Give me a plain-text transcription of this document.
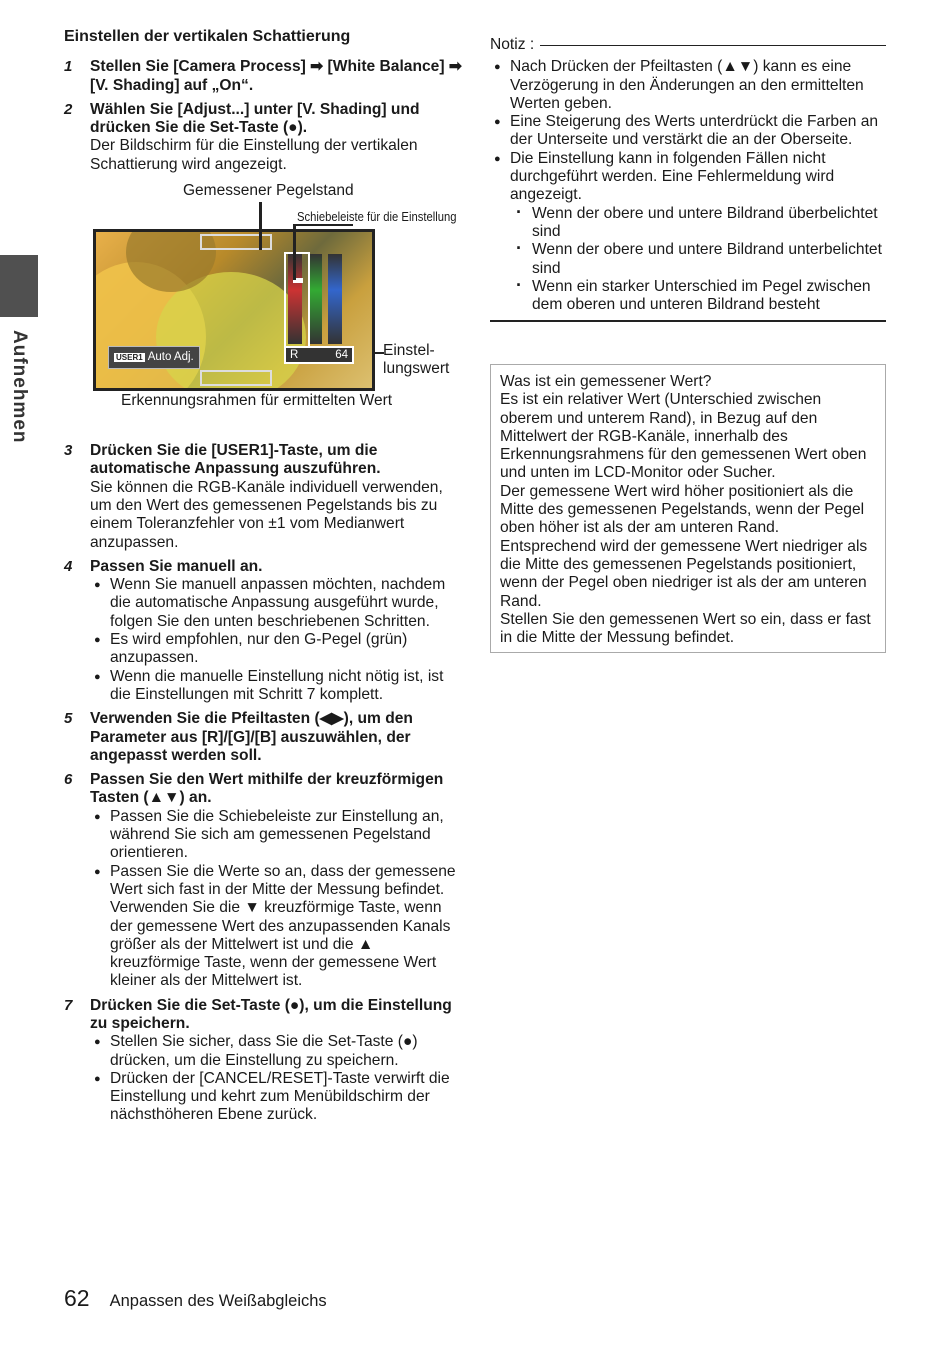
Aufnehmen
Einstellen der vertikalen Schattierung
1 Stellen Sie [Camera Process] ➡ [White Balance] ➡ [V. Shading] auf „On“.
2 Wählen Sie [Adjust...] unter [V. Shading] und drücken Sie die Set-Taste (●).
Der Bildschirm für die Einstellung der vertikalen Schattierung wird angezeigt.
Gemessener Pegelstand
Schiebeleiste für die Einstellung
USER1 Auto Adj.	R	64 Einstel-
lungswert
Erkennungsrahmen für ermittelten Wert
3 Drücken Sie die [USER1]-Taste, um die automatische Anpassung auszuführen.
Sie können die RGB-Kanäle individuell verwenden, um den Wert des gemessenen Pegelstands bis zu einem Toleranzfehler von ±1 vom Medianwert anzupassen.
4 Passen Sie manuell an.
● Wenn Sie manuell anpassen möchten, nachdem die automatische Anpassung ausgeführt wurde, folgen Sie den unten beschriebenen Schritten.
● Es wird empfohlen, nur den G-Pegel (grün) anzupassen.
● Wenn die manuelle Einstellung nicht nötig ist, ist die Einstellungen mit Schritt 7 komplett.
5 Verwenden Sie die Pfeiltasten (◀▶), um den Parameter aus [R]/[G]/[B] auszuwählen, der angepasst werden soll.
6 Passen Sie den Wert mithilfe der kreuzförmigen Tasten (▲▼) an.
● Passen Sie die Schiebeleiste zur Einstellung an, während Sie sich am gemessenen Pegelstand orientieren.
● Passen Sie die Werte so an, dass der gemessene Wert sich fast in der Mitte der Messung befindet. Verwenden Sie die ▼ kreuzförmige Taste, wenn der gemessene Wert des anzupassenden Kanals größer als der Mittelwert ist und die ▲ kreuzförmige Taste, wenn der gemessene Wert kleiner als der Mittelwert ist.
7 Drücken Sie die Set-Taste (●), um die Einstellung zu speichern.
● Stellen Sie sicher, dass Sie die Set-Taste (●) drücken, um die Einstellung zu speichern.
● Drücken der [CANCEL/RESET]-Taste verwirft die Einstellung und kehrt zum Menübildschirm der nächsthöheren Ebene zurück.
Notiz :
● Nach Drücken der Pfeiltasten (▲▼) kann es eine Verzögerung in den Änderungen an den ermittelten Werten geben.
● Eine Steigerung des Werts unterdrückt die Farben an der Unterseite und verstärkt die an der Oberseite.
● Die Einstellung kann in folgenden Fällen nicht durchgeführt werden. Eine Fehlermeldung wird angezeigt.
· Wenn der obere und untere Bildrand überbelichtet sind
· Wenn der obere und untere Bildrand unterbelichtet sind
· Wenn ein starker Unterschied im Pegel zwischen dem oberen und unteren Bildrand besteht
Was ist ein gemessener Wert?
Es ist ein relativer Wert (Unterschied zwischen oberem und unterem Rand), in Bezug auf den Mittelwert der RGB-Kanäle, innerhalb des Erkennungsrahmens für den gemessenen Wert oben und unten im LCD-Monitor oder Sucher.
Der gemessene Wert wird höher positioniert als die Mitte des gemessenen Pegelstands, wenn der Pegel oben höher ist als der am unteren Rand.
Entsprechend wird der gemessene Wert niedriger als die Mitte des gemessenen Pegelstands positioniert, wenn der Pegel oben niedriger ist als der am unteren Rand.
Stellen Sie den gemessenen Wert so ein, dass er fast in die Mitte der Messung befindet.
62 Anpassen des Weißabgleichs
